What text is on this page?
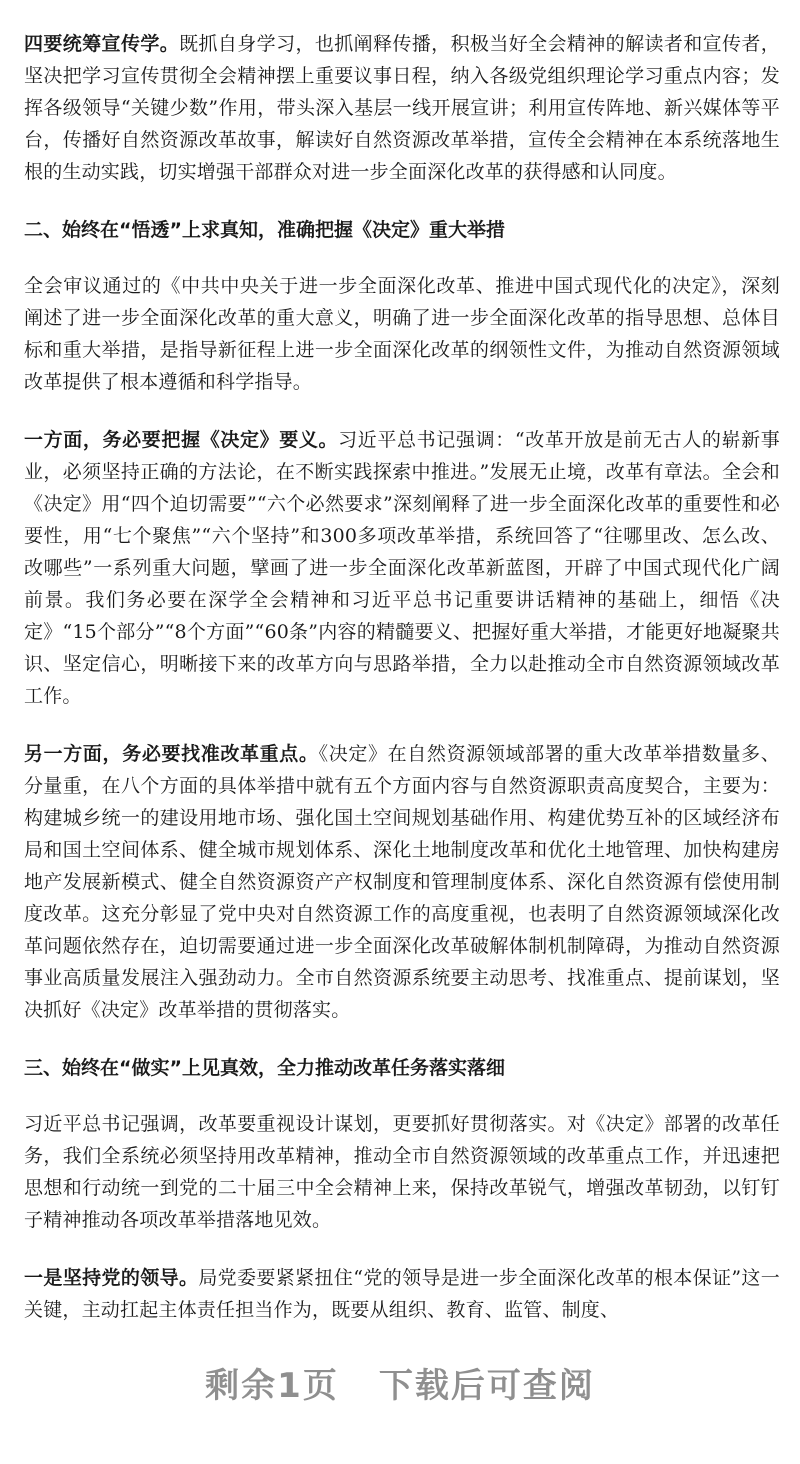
四要统筹宣传学。既抓自身学习，也抓阐释传播，积极当好全会精神的解读者和宣传者，坚决把学习宣传贯彻全会精神摆上重要议事日程，纳入各级党组织理论学习重点内容；发挥各级领导“关键少数”作用，带头深入基层一线开展宣讲；利用宣传阵地、新兴媒体等平台，传播好自然资源改革故事，解读好自然资源改革举措，宣传全会精神在本系统落地生根的生动实践，切实增强干部群众对进一步全面深化改革的获得感和认同度。

二、始终在“悟透”上求真知，准确把握《决定》重大举措

全会审议通过的《中共中央关于进一步全面深化改革、推进中国式现代化的决定》，深刻阐述了进一步全面深化改革的重大意义，明确了进一步全面深化改革的指导思想、总体目标和重大举措，是指导新征程上进一步全面深化改革的纲领性文件，为推动自然资源领域改革提供了根本遵循和科学指导。

一方面，务必要把握《决定》要义。习近平总书记强调：“改革开放是前无古人的崭新事业，必须坚持正确的方法论，在不断实践探索中推进。”发展无止境，改革有章法。全会和《决定》用“四个迫切需要”“六个必然要求”深刻阐释了进一步全面深化改革的重要性和必要性，用“七个聚焦”“六个坚持”和300多项改革举措，系统回答了“往哪里改、怎么改、改哪些”一系列重大问题，擘画了进一步全面深化改革新蓝图，开辟了中国式现代化广阔前景。我们务必要在深学全会精神和习近平总书记重要讲话精神的基础上，细悟《决定》“15个部分”“8个方面”“60条”内容的精髓要义、把握好重大举措，才能更好地凝聚共识、坚定信心，明晰接下来的改革方向与思路举措，全力以赴推动全市自然资源领域改革工作。

另一方面，务必要找准改革重点。《决定》在自然资源领域部署的重大改革举措数量多、分量重，在八个方面的具体举措中就有五个方面内容与自然资源职责高度契合，主要为：构建城乡统一的建设用地市场、强化国土空间规划基础作用、构建优势互补的区域经济布局和国土空间体系、健全城市规划体系、深化土地制度改革和优化土地管理、加快构建房地产发展新模式、健全自然资源资产产权制度和管理制度体系、深化自然资源有偿使用制度改革。这充分彰显了党中央对自然资源工作的高度重视，也表明了自然资源领域深化改革问题依然存在，迫切需要通过进一步全面深化改革破解体制机制障碍，为推动自然资源事业高质量发展注入强劲动力。全市自然资源系统要主动思考、找准重点、提前谋划，坚决抓好《决定》改革举措的贯彻落实。

三、始终在“做实”上见真效，全力推动改革任务落实落细

习近平总书记强调，改革要重视设计谋划，更要抓好贯彻落实。对《决定》部署的改革任务，我们全系统必须坚持用改革精神，推动全市自然资源领域的改革重点工作，并迅速把思想和行动统一到党的二十届三中全会精神上来，保持改革锐气，增强改革韧劲，以钉钉子精神推动各项改革举措落地见效。

一是坚持党的领导。局党委要紧紧扭住“党的领导是进一步全面深化改革的根本保证”这一关键，主动扛起主体责任担当作为，既要从组织、教育、监管、制度、

剩余1页 下载后可查阅
